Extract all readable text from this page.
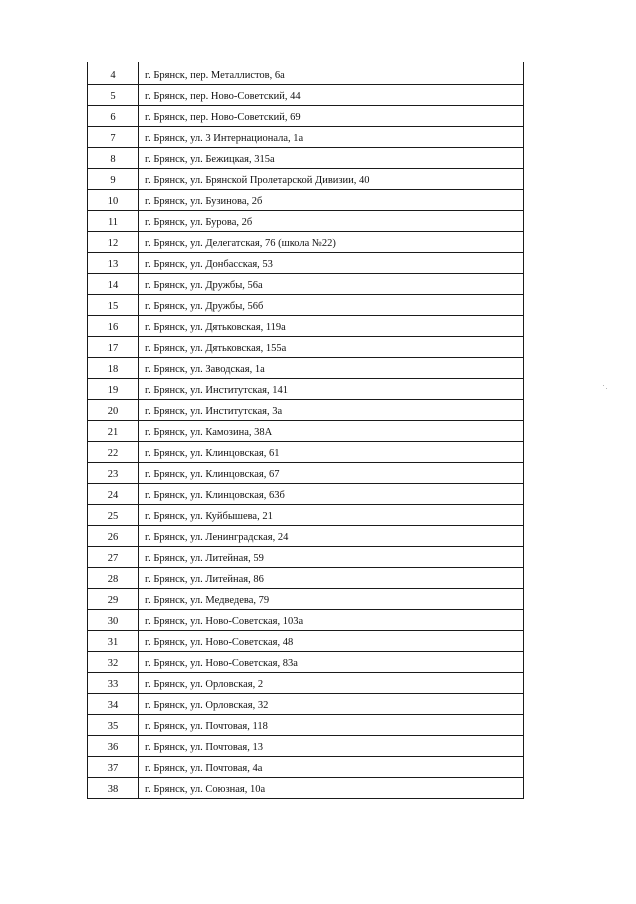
4	г. Брянск, пер. Металлистов, 6а
5	г. Брянск, пер. Ново-Советский, 44
6	г. Брянск, пер. Ново-Советский, 69
7	г. Брянск, ул. 3 Интернационала, 1а
8	г. Брянск, ул. Бежицкая, 315а
9	г. Брянск, ул. Брянской Пролетарской Дивизии, 40
10	г. Брянск, ул. Бузинова, 2б
11	г. Брянск, ул. Бурова, 2б
12	г. Брянск, ул. Делегатская, 76 (школа №22)
13	г. Брянск, ул. Донбасская, 53
14	г. Брянск, ул. Дружбы, 56а
15	г. Брянск, ул. Дружбы, 56б
16	г. Брянск, ул. Дятьковская, 119а
17	г. Брянск, ул. Дятьковская, 155а
18	г. Брянск, ул. Заводская, 1а
19	г. Брянск, ул. Институтская, 141
20	г. Брянск, ул. Институтская, 3а
21	г. Брянск, ул. Камозина, 38А
22	г. Брянск, ул. Клинцовская, 61
23	г. Брянск, ул. Клинцовская, 67
24	г. Брянск, ул. Клинцовская, 63б
25	г. Брянск, ул. Куйбышева, 21
26	г. Брянск, ул. Ленинградская, 24
27	г. Брянск, ул. Литейная, 59
28	г. Брянск, ул. Литейная, 86
29	г. Брянск, ул. Медведева, 79
30	г. Брянск, ул. Ново-Советская, 103а
31	г. Брянск, ул. Ново-Советская, 48
32	г. Брянск, ул. Ново-Советская, 83а
33	г. Брянск, ул. Орловская, 2
34	г. Брянск, ул. Орловская, 32
35	г. Брянск, ул. Почтовая, 118
36	г. Брянск, ул. Почтовая, 13
37	г. Брянск, ул. Почтовая, 4а
38	г. Брянск, ул. Союзная, 10а
